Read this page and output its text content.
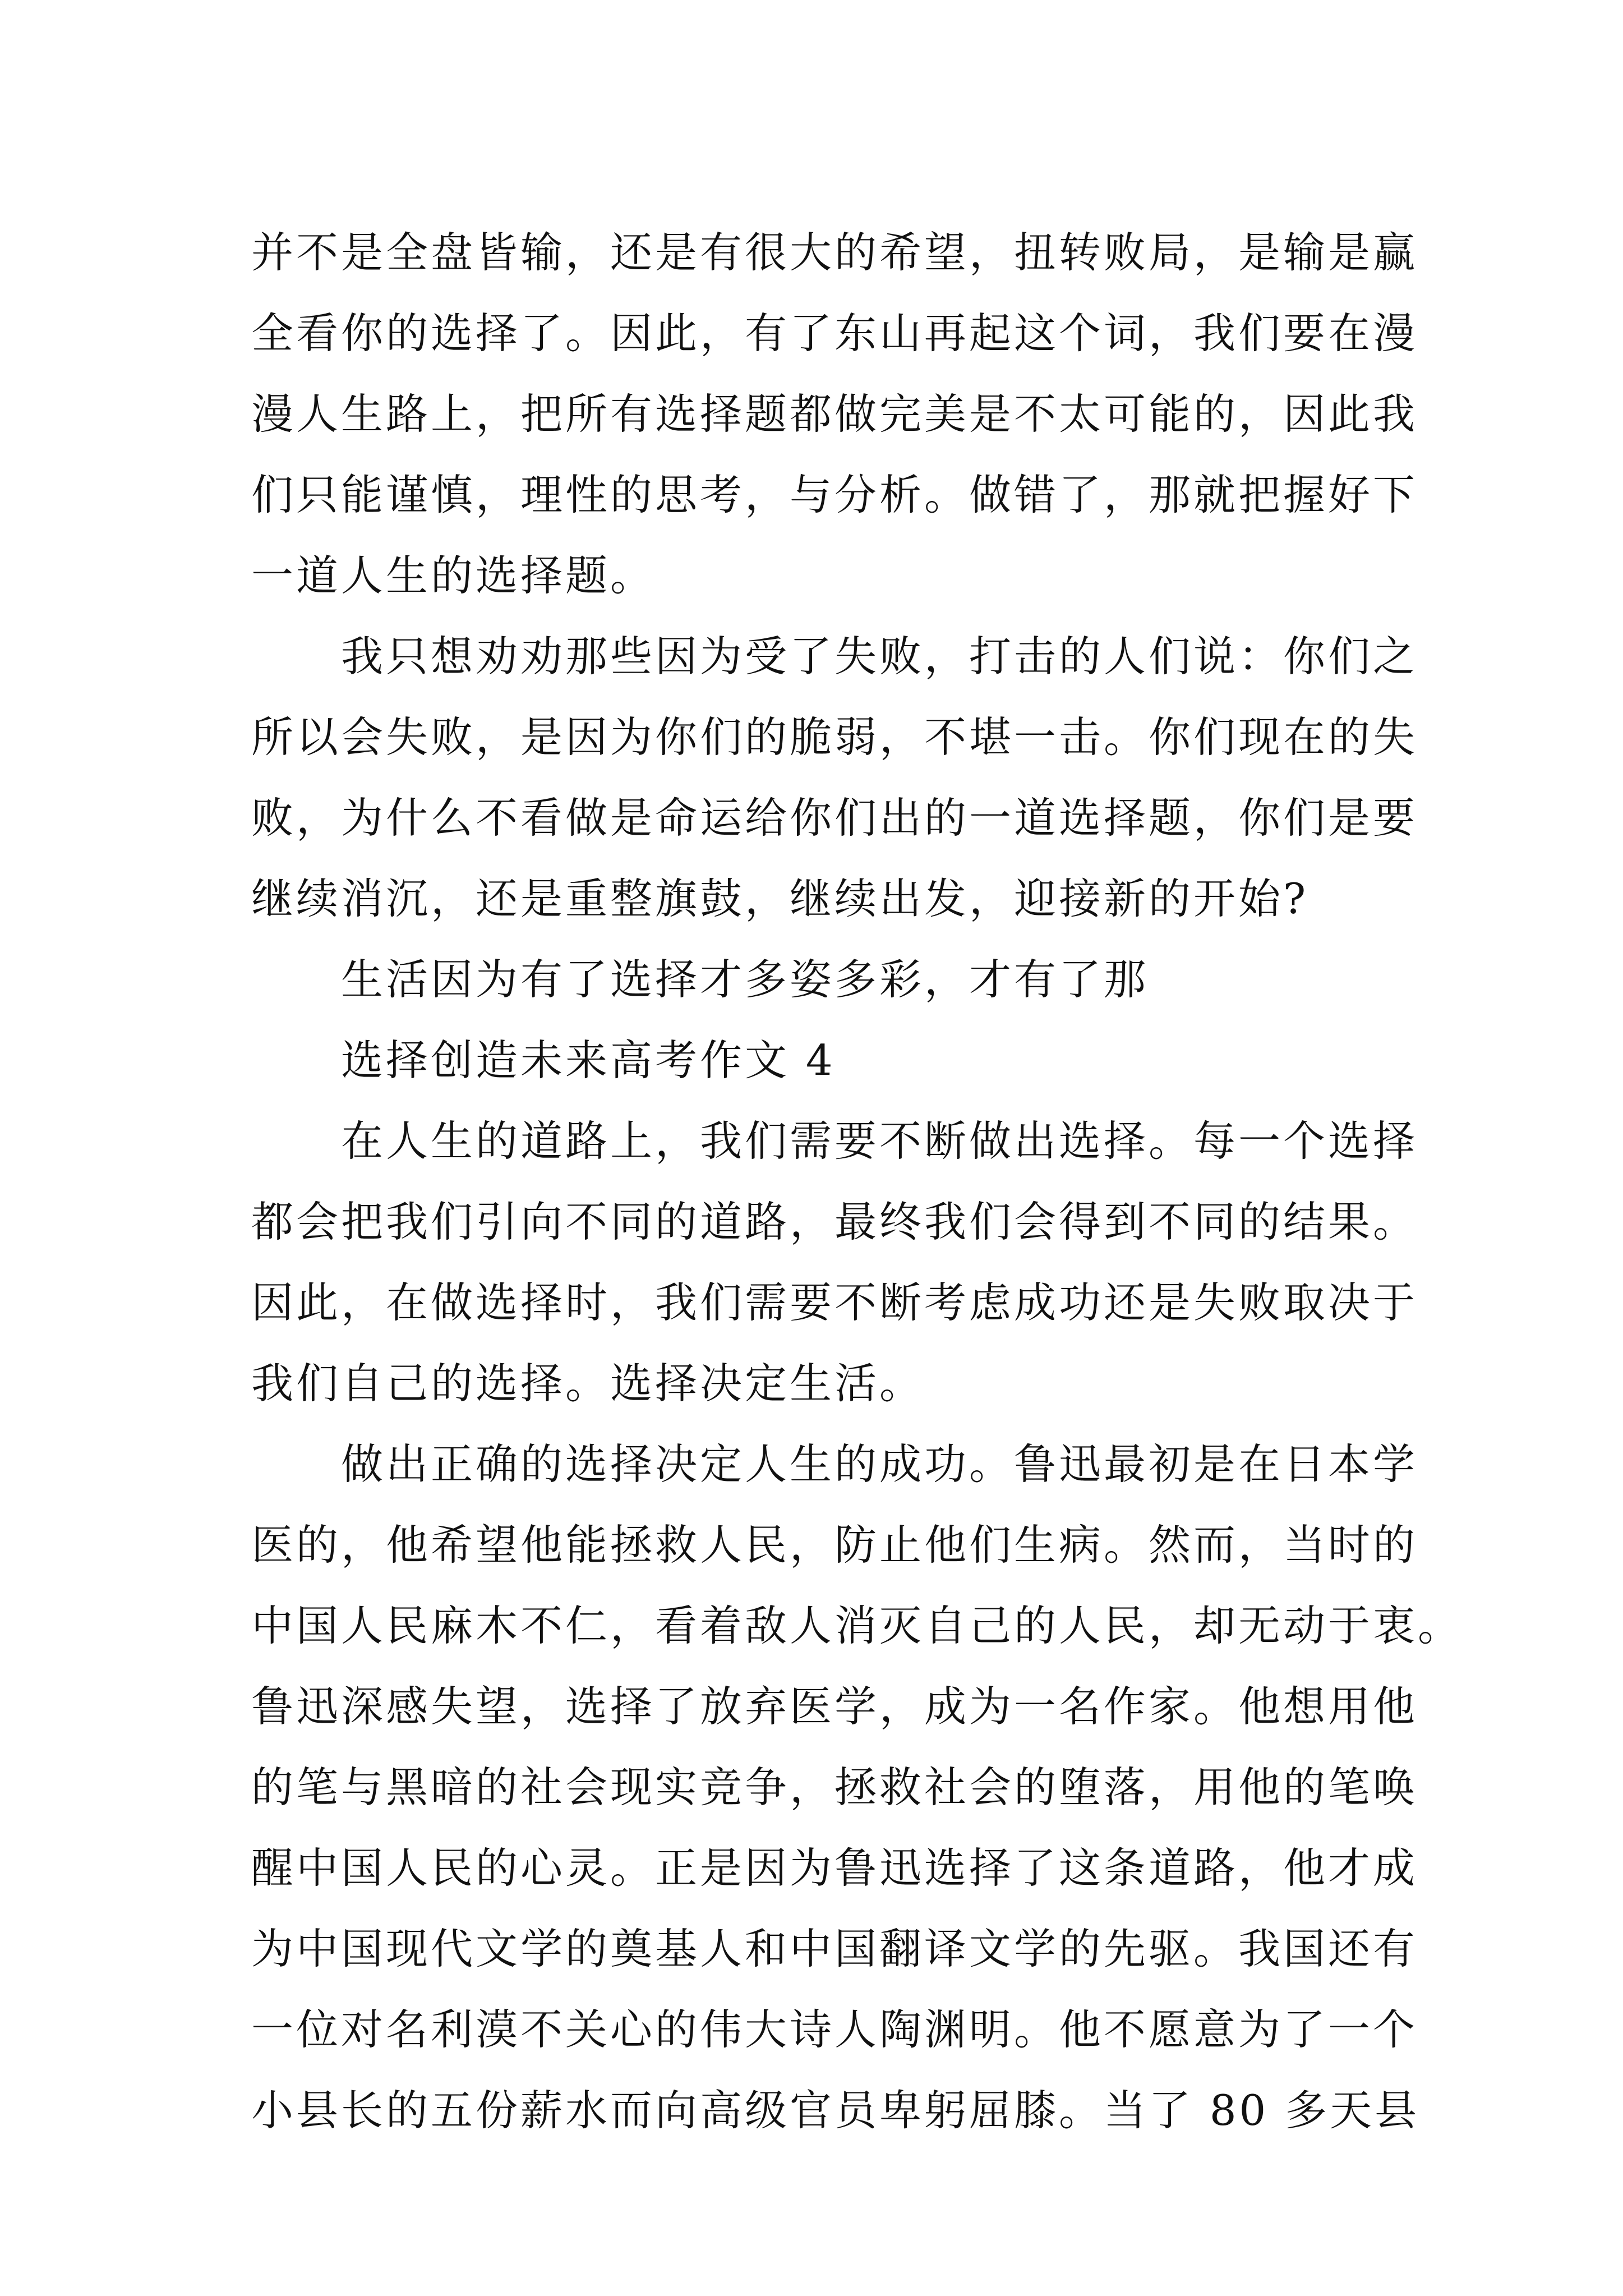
并不是全盘皆输，还是有很大的希望，扭转败局，是输是赢
全看你的选择了。因此，有了东山再起这个词，我们要在漫
漫人生路上，把所有选择题都做完美是不太可能的，因此我
们只能谨慎，理性的思考，与分析。做错了，那就把握好下
一道人生的选择题。
我只想劝劝那些因为受了失败，打击的人们说：你们之
所以会失败，是因为你们的脆弱，不堪一击。你们现在的失
败，为什么不看做是命运给你们出的一道选择题，你们是要
继续消沉，还是重整旗鼓，继续出发，迎接新的开始?
生活因为有了选择才多姿多彩，才有了那
选择创造未来高考作文 4
在人生的道路上，我们需要不断做出选择。每一个选择
都会把我们引向不同的道路，最终我们会得到不同的结果。
因此，在做选择时，我们需要不断考虑成功还是失败取决于
我们自己的选择。选择决定生活。
做出正确的选择决定人生的成功。鲁迅最初是在日本学
医的，他希望他能拯救人民，防止他们生病。然而，当时的
中国人民麻木不仁，看着敌人消灭自己的人民，却无动于衷。
鲁迅深感失望，选择了放弃医学，成为一名作家。他想用他
的笔与黑暗的社会现实竞争，拯救社会的堕落，用他的笔唤
醒中国人民的心灵。正是因为鲁迅选择了这条道路，他才成
为中国现代文学的奠基人和中国翻译文学的先驱。我国还有
一位对名利漠不关心的伟大诗人陶渊明。他不愿意为了一个
小县长的五份薪水而向高级官员卑躬屈膝。当了 80 多天县
